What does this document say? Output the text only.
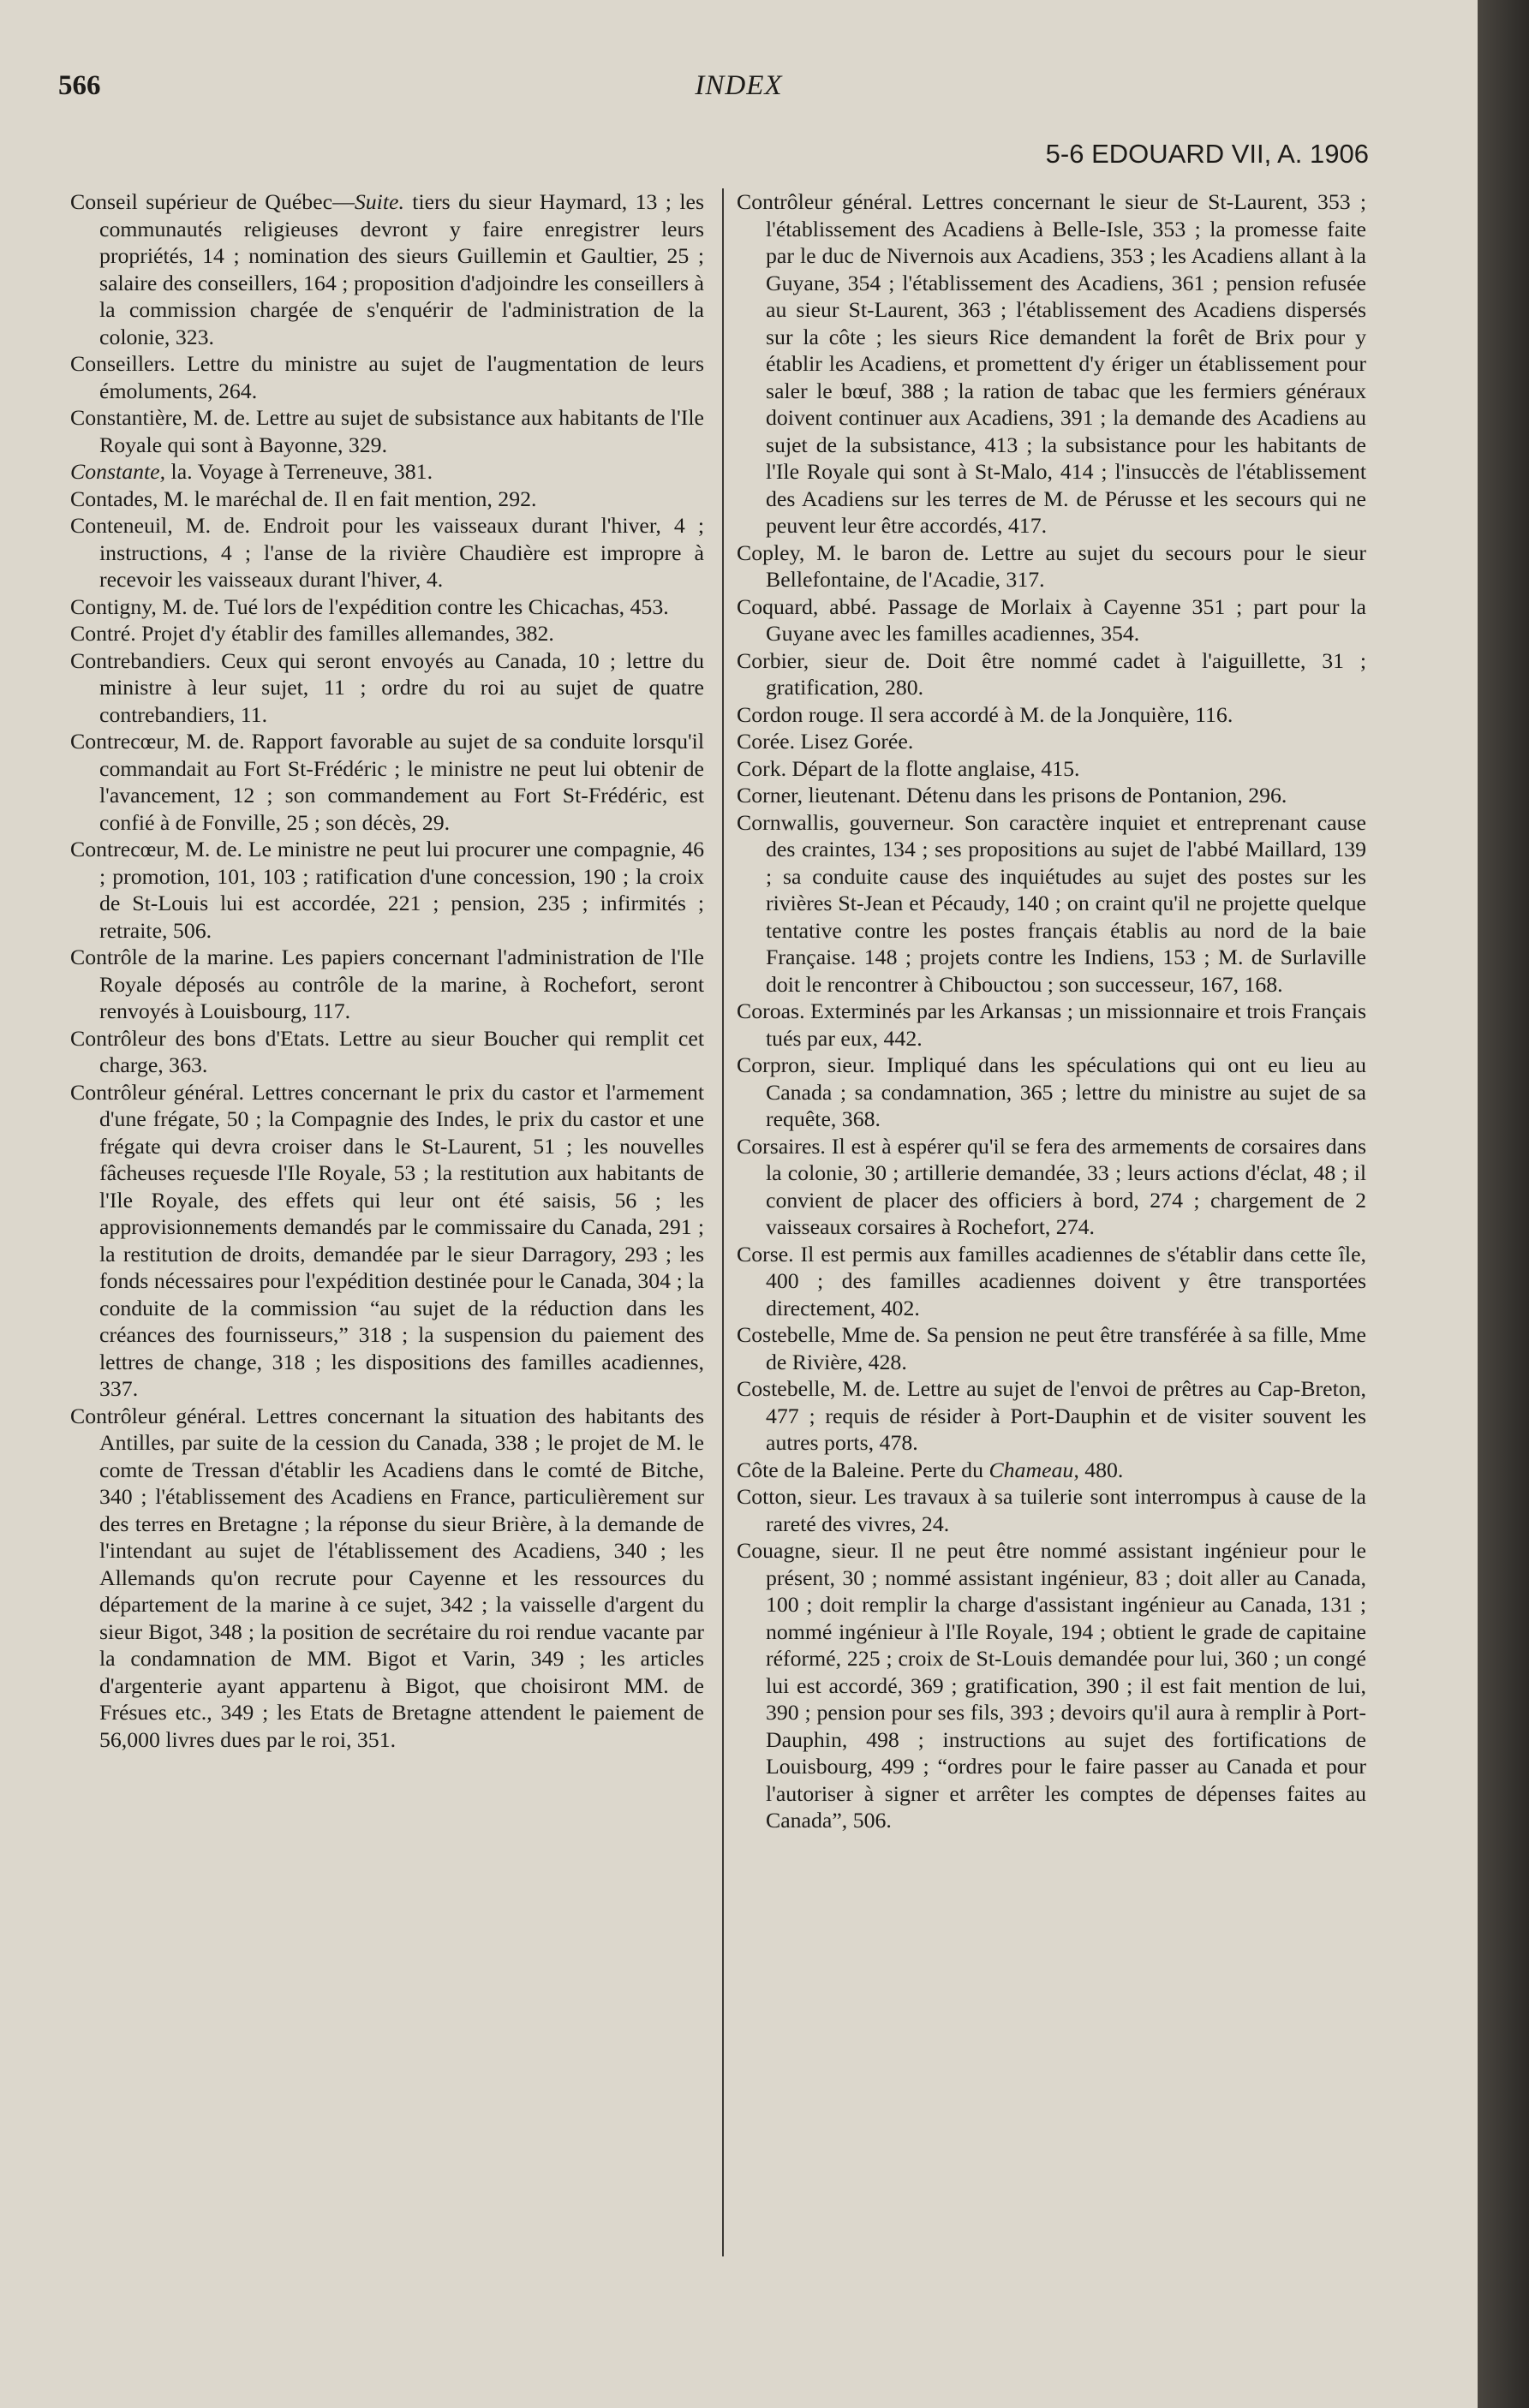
566	INDEX
5-6 EDOUARD VII, A. 1906

Conseil supérieur de Québec—Suite. tiers du sieur Haymard, 13 ; les communautés religieuses devront y faire enregistrer leurs propriétés, 14 ; nomination des sieurs Guillemin et Gaultier, 25 ; salaire des conseillers, 164 ; proposition d'adjoindre les conseillers à la commission chargée de s'enquérir de l'administration de la colonie, 323.

Conseillers. Lettre du ministre au sujet de l'augmentation de leurs émoluments, 264.

Constantière, M. de. Lettre au sujet de subsistance aux habitants de l'Ile Royale qui sont à Bayonne, 329.

Constante, la. Voyage à Terreneuve, 381.

Contades, M. le maréchal de. Il en fait mention, 292.

Conteneuil, M. de. Endroit pour les vaisseaux durant l'hiver, 4 ; instructions, 4 ; l'anse de la rivière Chaudière est impropre à recevoir les vaisseaux durant l'hiver, 4.

Contigny, M. de. Tué lors de l'expédition contre les Chicachas, 453.

Contré. Projet d'y établir des familles allemandes, 382.

Contrebandiers. Ceux qui seront envoyés au Canada, 10 ; lettre du ministre à leur sujet, 11 ; ordre du roi au sujet de quatre contrebandiers, 11.

Contrecœur, M. de. Rapport favorable au sujet de sa conduite lorsqu'il commandait au Fort St-Frédéric ; le ministre ne peut lui obtenir de l'avancement, 12 ; son commandement au Fort St-Frédéric, est confié à de Fonville, 25 ; son décès, 29.

Contrecœur, M. de. Le ministre ne peut lui procurer une compagnie, 46 ; promotion, 101, 103 ; ratification d'une concession, 190 ; la croix de St-Louis lui est accordée, 221 ; pension, 235 ; infirmités ; retraite, 506.

Contrôle de la marine. Les papiers concernant l'administration de l'Ile Royale déposés au contrôle de la marine, à Rochefort, seront renvoyés à Louisbourg, 117.

Contrôleur des bons d'Etats. Lettre au sieur Boucher qui remplit cet charge, 363.

Contrôleur général. Lettres concernant le prix du castor et l'armement d'une frégate, 50 ; la Compagnie des Indes, le prix du castor et une frégate qui devra croiser dans le St-Laurent, 51 ; les nouvelles fâcheuses reçuesde l'Ile Royale, 53 ; la restitution aux habitants de l'Ile Royale, des effets qui leur ont été saisis, 56 ; les approvisionnements demandés par le commissaire du Canada, 291 ; la restitution de droits, demandée par le sieur Darragory, 293 ; les fonds nécessaires pour l'expédition destinée pour le Canada, 304 ; la conduite de la commission “au sujet de la réduction dans les créances des fournisseurs,” 318 ; la suspension du paiement des lettres de change, 318 ; les dispositions des familles acadiennes, 337.

Contrôleur général. Lettres concernant la situation des habitants des Antilles, par suite de la cession du Canada, 338 ; le projet de M. le comte de Tressan d'établir les Acadiens dans le comté de Bitche, 340 ; l'établissement des Acadiens en France, particulièrement sur des terres en Bretagne ; la réponse du sieur Brière, à la demande de l'intendant au sujet de l'établissement des Acadiens, 340 ; les Allemands qu'on recrute pour Cayenne et les ressources du département de la marine à ce sujet, 342 ; la vaisselle d'argent du sieur Bigot, 348 ; la position de secrétaire du roi rendue vacante par la condamnation de MM. Bigot et Varin, 349 ; les articles d'argenterie ayant appartenu à Bigot, que choisiront MM. de Frésues etc., 349 ; les Etats de Bretagne attendent le paiement de 56,000 livres dues par le roi, 351.

Contrôleur général. Lettres concernant le sieur de St-Laurent, 353 ; l'établissement des Acadiens à Belle-Isle, 353 ; la promesse faite par le duc de Nivernois aux Acadiens, 353 ; les Acadiens allant à la Guyane, 354 ; l'établissement des Acadiens, 361 ; pension refusée au sieur St-Laurent, 363 ; l'établissement des Acadiens dispersés sur la côte ; les sieurs Rice demandent la forêt de Brix pour y établir les Acadiens, et promettent d'y ériger un établissement pour saler le bœuf, 388 ; la ration de tabac que les fermiers généraux doivent continuer aux Acadiens, 391 ; la demande des Acadiens au sujet de la subsistance, 413 ; la subsistance pour les habitants de l'Ile Royale qui sont à St-Malo, 414 ; l'insuccès de l'établissement des Acadiens sur les terres de M. de Pérusse et les secours qui ne peuvent leur être accordés, 417.

Copley, M. le baron de. Lettre au sujet du secours pour le sieur Bellefontaine, de l'Acadie, 317.

Coquard, abbé. Passage de Morlaix à Cayenne 351 ; part pour la Guyane avec les familles acadiennes, 354.

Corbier, sieur de. Doit être nommé cadet à l'aiguillette, 31 ; gratification, 280.

Cordon rouge. Il sera accordé à M. de la Jonquière, 116.

Corée. Lisez Gorée.

Cork. Départ de la flotte anglaise, 415.

Corner, lieutenant. Détenu dans les prisons de Pontanion, 296.

Cornwallis, gouverneur. Son caractère inquiet et entreprenant cause des craintes, 134 ; ses propositions au sujet de l'abbé Maillard, 139 ; sa conduite cause des inquiétudes au sujet des postes sur les rivières St-Jean et Pécaudy, 140 ; on craint qu'il ne projette quelque tentative contre les postes français établis au nord de la baie Française. 148 ; projets contre les Indiens, 153 ; M. de Surlaville doit le rencontrer à Chibouctou ; son successeur, 167, 168.

Coroas. Exterminés par les Arkansas ; un missionnaire et trois Français tués par eux, 442.

Corpron, sieur. Impliqué dans les spéculations qui ont eu lieu au Canada ; sa condamnation, 365 ; lettre du ministre au sujet de sa requête, 368.

Corsaires. Il est à espérer qu'il se fera des armements de corsaires dans la colonie, 30 ; artillerie demandée, 33 ; leurs actions d'éclat, 48 ; il convient de placer des officiers à bord, 274 ; chargement de 2 vaisseaux corsaires à Rochefort, 274.

Corse. Il est permis aux familles acadiennes de s'établir dans cette île, 400 ; des familles acadiennes doivent y être transportées directement, 402.

Costebelle, Mme de. Sa pension ne peut être transférée à sa fille, Mme de Rivière, 428.

Costebelle, M. de. Lettre au sujet de l'envoi de prêtres au Cap-Breton, 477 ; requis de résider à Port-Dauphin et de visiter souvent les autres ports, 478.

Côte de la Baleine. Perte du Chameau, 480.

Cotton, sieur. Les travaux à sa tuilerie sont interrompus à cause de la rareté des vivres, 24.

Couagne, sieur. Il ne peut être nommé assistant ingénieur pour le présent, 30 ; nommé assistant ingénieur, 83 ; doit aller au Canada, 100 ; doit remplir la charge d'assistant ingénieur au Canada, 131 ; nommé ingénieur à l'Ile Royale, 194 ; obtient le grade de capitaine réformé, 225 ; croix de St-Louis demandée pour lui, 360 ; un congé lui est accordé, 369 ; gratification, 390 ; il est fait mention de lui, 390 ; pension pour ses fils, 393 ; devoirs qu'il aura à remplir à Port-Dauphin, 498 ; instructions au sujet des fortifications de Louisbourg, 499 ; “ordres pour le faire passer au Canada et pour l'autoriser à signer et arrêter les comptes de dépenses faites au Canada”, 506.
